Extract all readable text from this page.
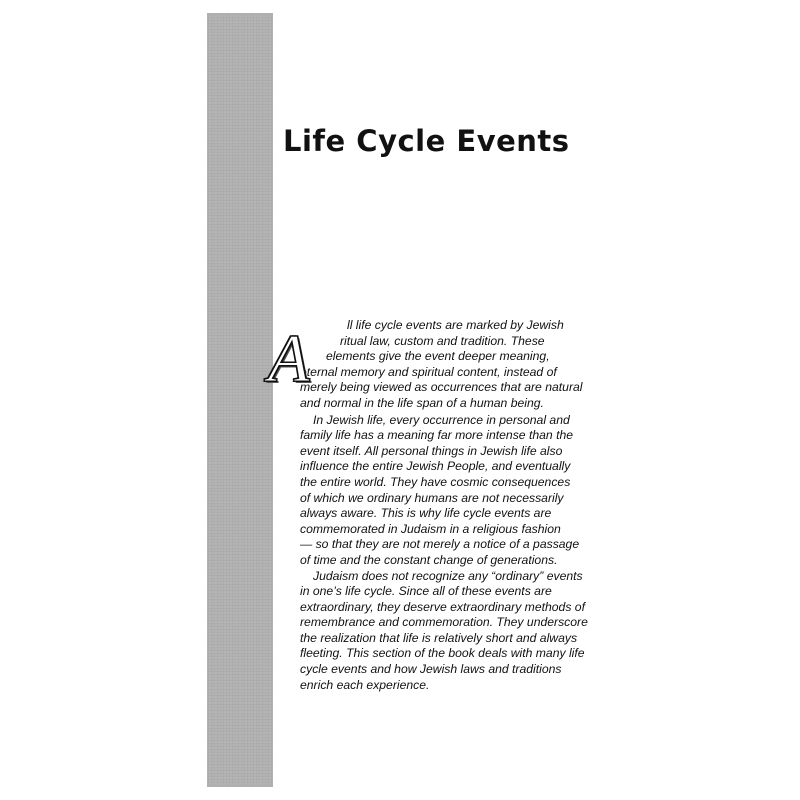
Life Cycle Events
A	ll life cycle events are marked by Jewish
ritual law, custom and tradition. These
elements give the event deeper meaning,
eternal memory and spiritual content, instead of
merely being viewed as occurrences that are natural
and normal in the life span of a human being.
In Jewish life, every occurrence in personal and
family life has a meaning far more intense than the
event itself. All personal things in Jewish life also
influence the entire Jewish People, and eventually
the entire world. They have cosmic consequences
of which we ordinary humans are not necessarily
always aware. This is why life cycle events are
commemorated in Judaism in a religious fashion
— so that they are not merely a notice of a passage
of time and the constant change of generations.
Judaism does not recognize any “ordinary” events
in one’s life cycle. Since all of these events are
extraordinary, they deserve extraordinary methods of
remembrance and commemoration. They underscore
the realization that life is relatively short and always
fleeting. This section of the book deals with many life
cycle events and how Jewish laws and traditions
enrich each experience.
